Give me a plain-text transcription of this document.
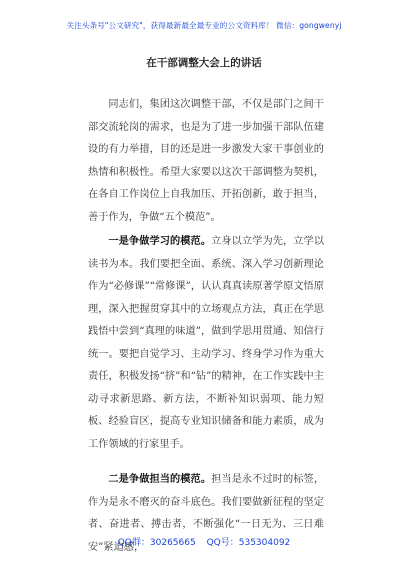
关注头条号"公文研究"，获得最新最全最专业的公文资料库！ 微信：gongwenyj
在干部调整大会上的讲话

同志们，集团这次调整干部，不仅是部门之间干部交流轮岗的需求，也是为了进一步加强干部队伍建设的有力举措，目的还是进一步激发大家干事创业的热情和积极性。希望大家要以这次干部调整为契机，在各自工作岗位上自我加压、开拓创新，敢于担当，善于作为，争做“五个模范”。

一是争做学习的模范。立身以立学为先，立学以读书为本。我们要把全面、系统、深入学习创新理论作为“必修课”“常修课”，认认真真读原著学原文悟原理，深入把握贯穿其中的立场观点方法，真正在学思践悟中尝到“真理的味道”，做到学思用贯通、知信行统一。要把自觉学习、主动学习、终身学习作为重大责任，积极发扬“挤”和“钻”的精神，在工作实践中主动寻求新思路、新方法，不断补知识弱项、能力短板、经验盲区，提高专业知识储备和能力素质，成为工作领域的行家里手。

二是争做担当的模范。担当是永不过时的标签，作为是永不磨灭的奋斗底色。我们要做新征程的坚定者、奋进者、搏击者，不断强化“一日无为、三日难安”紧迫感，

QQ群：30265665 QQ号：535304092
